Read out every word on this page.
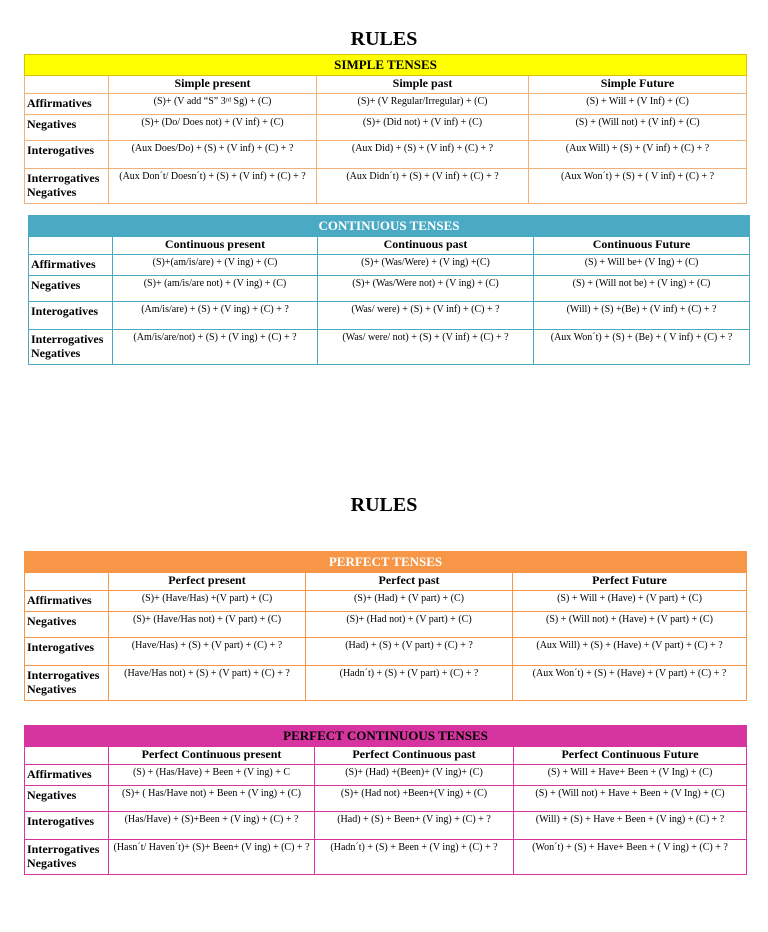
RULES
SIMPLE TENSES			
	Simple present	Simple past	Simple Future
Affirmatives	(S)+ (V add “S” 3ʳᵈ Sg) + (C)	(S)+ (V Regular/Irregular) + (C)	(S) + Will + (V Inf) + (C)
Negatives	(S)+ (Do/ Does not) + (V inf) + (C)	(S)+ (Did not) + (V inf) + (C)	(S) + (Will not) + (V inf) + (C)
Interogatives	(Aux Does/Do) + (S) + (V inf) + (C) + ?	(Aux Did) + (S) + (V inf) + (C) + ?	(Aux Will) + (S) + (V inf) + (C) + ?
Interrogatives Negatives	(Aux Don´t/ Doesn´t) + (S) + (V inf) + (C) + ?	(Aux Didn´t) + (S) + (V inf) + (C) + ?	(Aux Won´t) + (S) + ( V inf) + (C) + ?
CONTINUOUS TENSES			
	Continuous present	Continuous past	Continuous Future
Affirmatives	(S)+(am/is/are) + (V ing) + (C)	(S)+ (Was/Were) + (V ing) +(C)	(S) + Will be+ (V Ing) + (C)
Negatives	(S)+ (am/is/are not) + (V ing) + (C)	(S)+ (Was/Were not) + (V ing) + (C)	(S) + (Will not be) + (V ing) + (C)
Interogatives	(Am/is/are) + (S) + (V ing) + (C) + ?	(Was/ were) + (S) + (V inf) + (C) + ?	(Will) + (S) +(Be) + (V inf) + (C) + ?
Interrogatives Negatives	(Am/is/are/not) + (S) + (V ing) + (C) + ?	(Was/ were/ not) + (S) + (V inf) + (C) + ?	(Aux Won´t) + (S) + (Be) + ( V inf) + (C) + ?
RULES
PERFECT TENSES			
	Perfect present	Perfect past	Perfect Future
Affirmatives	(S)+ (Have/Has) +(V part) + (C)	(S)+ (Had) + (V part) + (C)	(S) + Will + (Have) + (V part) + (C)
Negatives	(S)+ (Have/Has not) + (V part) + (C)	(S)+ (Had not) + (V part) + (C)	(S) + (Will not) + (Have) + (V part) + (C)
Interogatives	(Have/Has) + (S) + (V part) + (C) + ?	(Had) + (S) + (V part) + (C) + ?	(Aux Will) + (S) + (Have) + (V part) + (C) + ?
Interrogatives Negatives	(Have/Has not) + (S) + (V part) + (C) + ?	(Hadn´t) + (S) + (V part) + (C) + ?	(Aux Won´t) + (S) + (Have) + (V part) + (C) + ?
PERFECT CONTINUOUS TENSES			
	Perfect Continuous present	Perfect Continuous past	Perfect Continuous Future
Affirmatives	(S) + (Has/Have) + Been + (V ing) + C	(S)+ (Had) +(Been)+ (V ing)+ (C)	(S) + Will + Have+ Been + (V Ing) + (C)
Negatives	(S)+ ( Has/Have not) + Been + (V ing) + (C)	(S)+ (Had not) +Been+(V ing) + (C)	(S) + (Will not) + Have + Been + (V Ing) + (C)
Interogatives	(Has/Have) + (S)+Been + (V ing) + (C) + ?	(Had) + (S) + Been+ (V ing) + (C) + ?	(Will) + (S) + Have + Been + (V ing) + (C) + ?
Interrogatives Negatives	(Hasn´t/ Haven´t)+ (S)+ Been+ (V ing) + (C) + ?	(Hadn´t) + (S) + Been + (V ing) + (C) + ?	(Won´t) + (S) + Have+ Been + ( V ing) + (C) + ?
